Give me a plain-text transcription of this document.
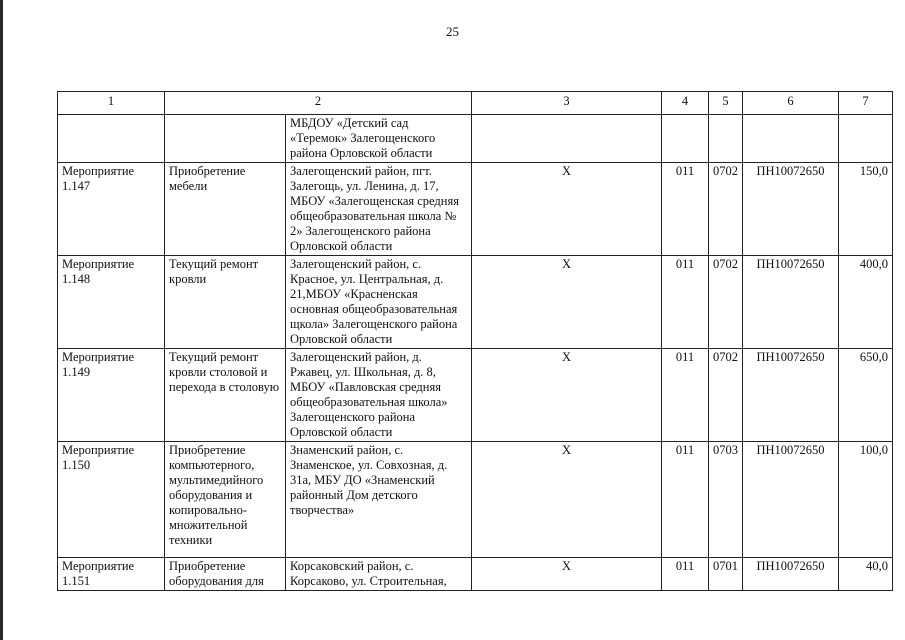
25
1	2		3	4	5	6	7
		МБДОУ «Детский сад «Теремок» Залегощенского района Орловской области					
Мероприятие 1.147	Приобретение мебели	Залегощенский район, пгт. Залегощь, ул. Ленина, д. 17, МБОУ «Залегощенская средняя общеобразовательная школа № 2» Залегощенского района Орловской области	Х	011	0702	ПН10072650	150,0
Мероприятие 1.148	Текущий ремонт кровли	Залегощенский район, с. Красное, ул. Центральная, д. 21,МБОУ «Красненская основная общеобразовательная щкола» Залегощенского района Орловской области	Х	011	0702	ПН10072650	400,0
Мероприятие 1.149	Текущий ремонт кровли столовой и перехода в столовую	Залегощенский район, д. Ржавец, ул. Школьная, д. 8, МБОУ «Павловская средняя общеобразовательная школа» Залегощенского района Орловской области	Х	011	0702	ПН10072650	650,0
Мероприятие 1.150	Приобретение компьютерного, мультимедийного оборудования и копировально-множительной техники	Знаменский район, с. Знаменское, ул. Совхозная, д. 31а, МБУ ДО «Знаменский районный Дом детского творчества»	Х	011	0703	ПН10072650	100,0
Мероприятие 1.151	Приобретение оборудования для	Корсаковский район, с. Корсаково, ул. Строительная,	Х	011	0701	ПН10072650	40,0
